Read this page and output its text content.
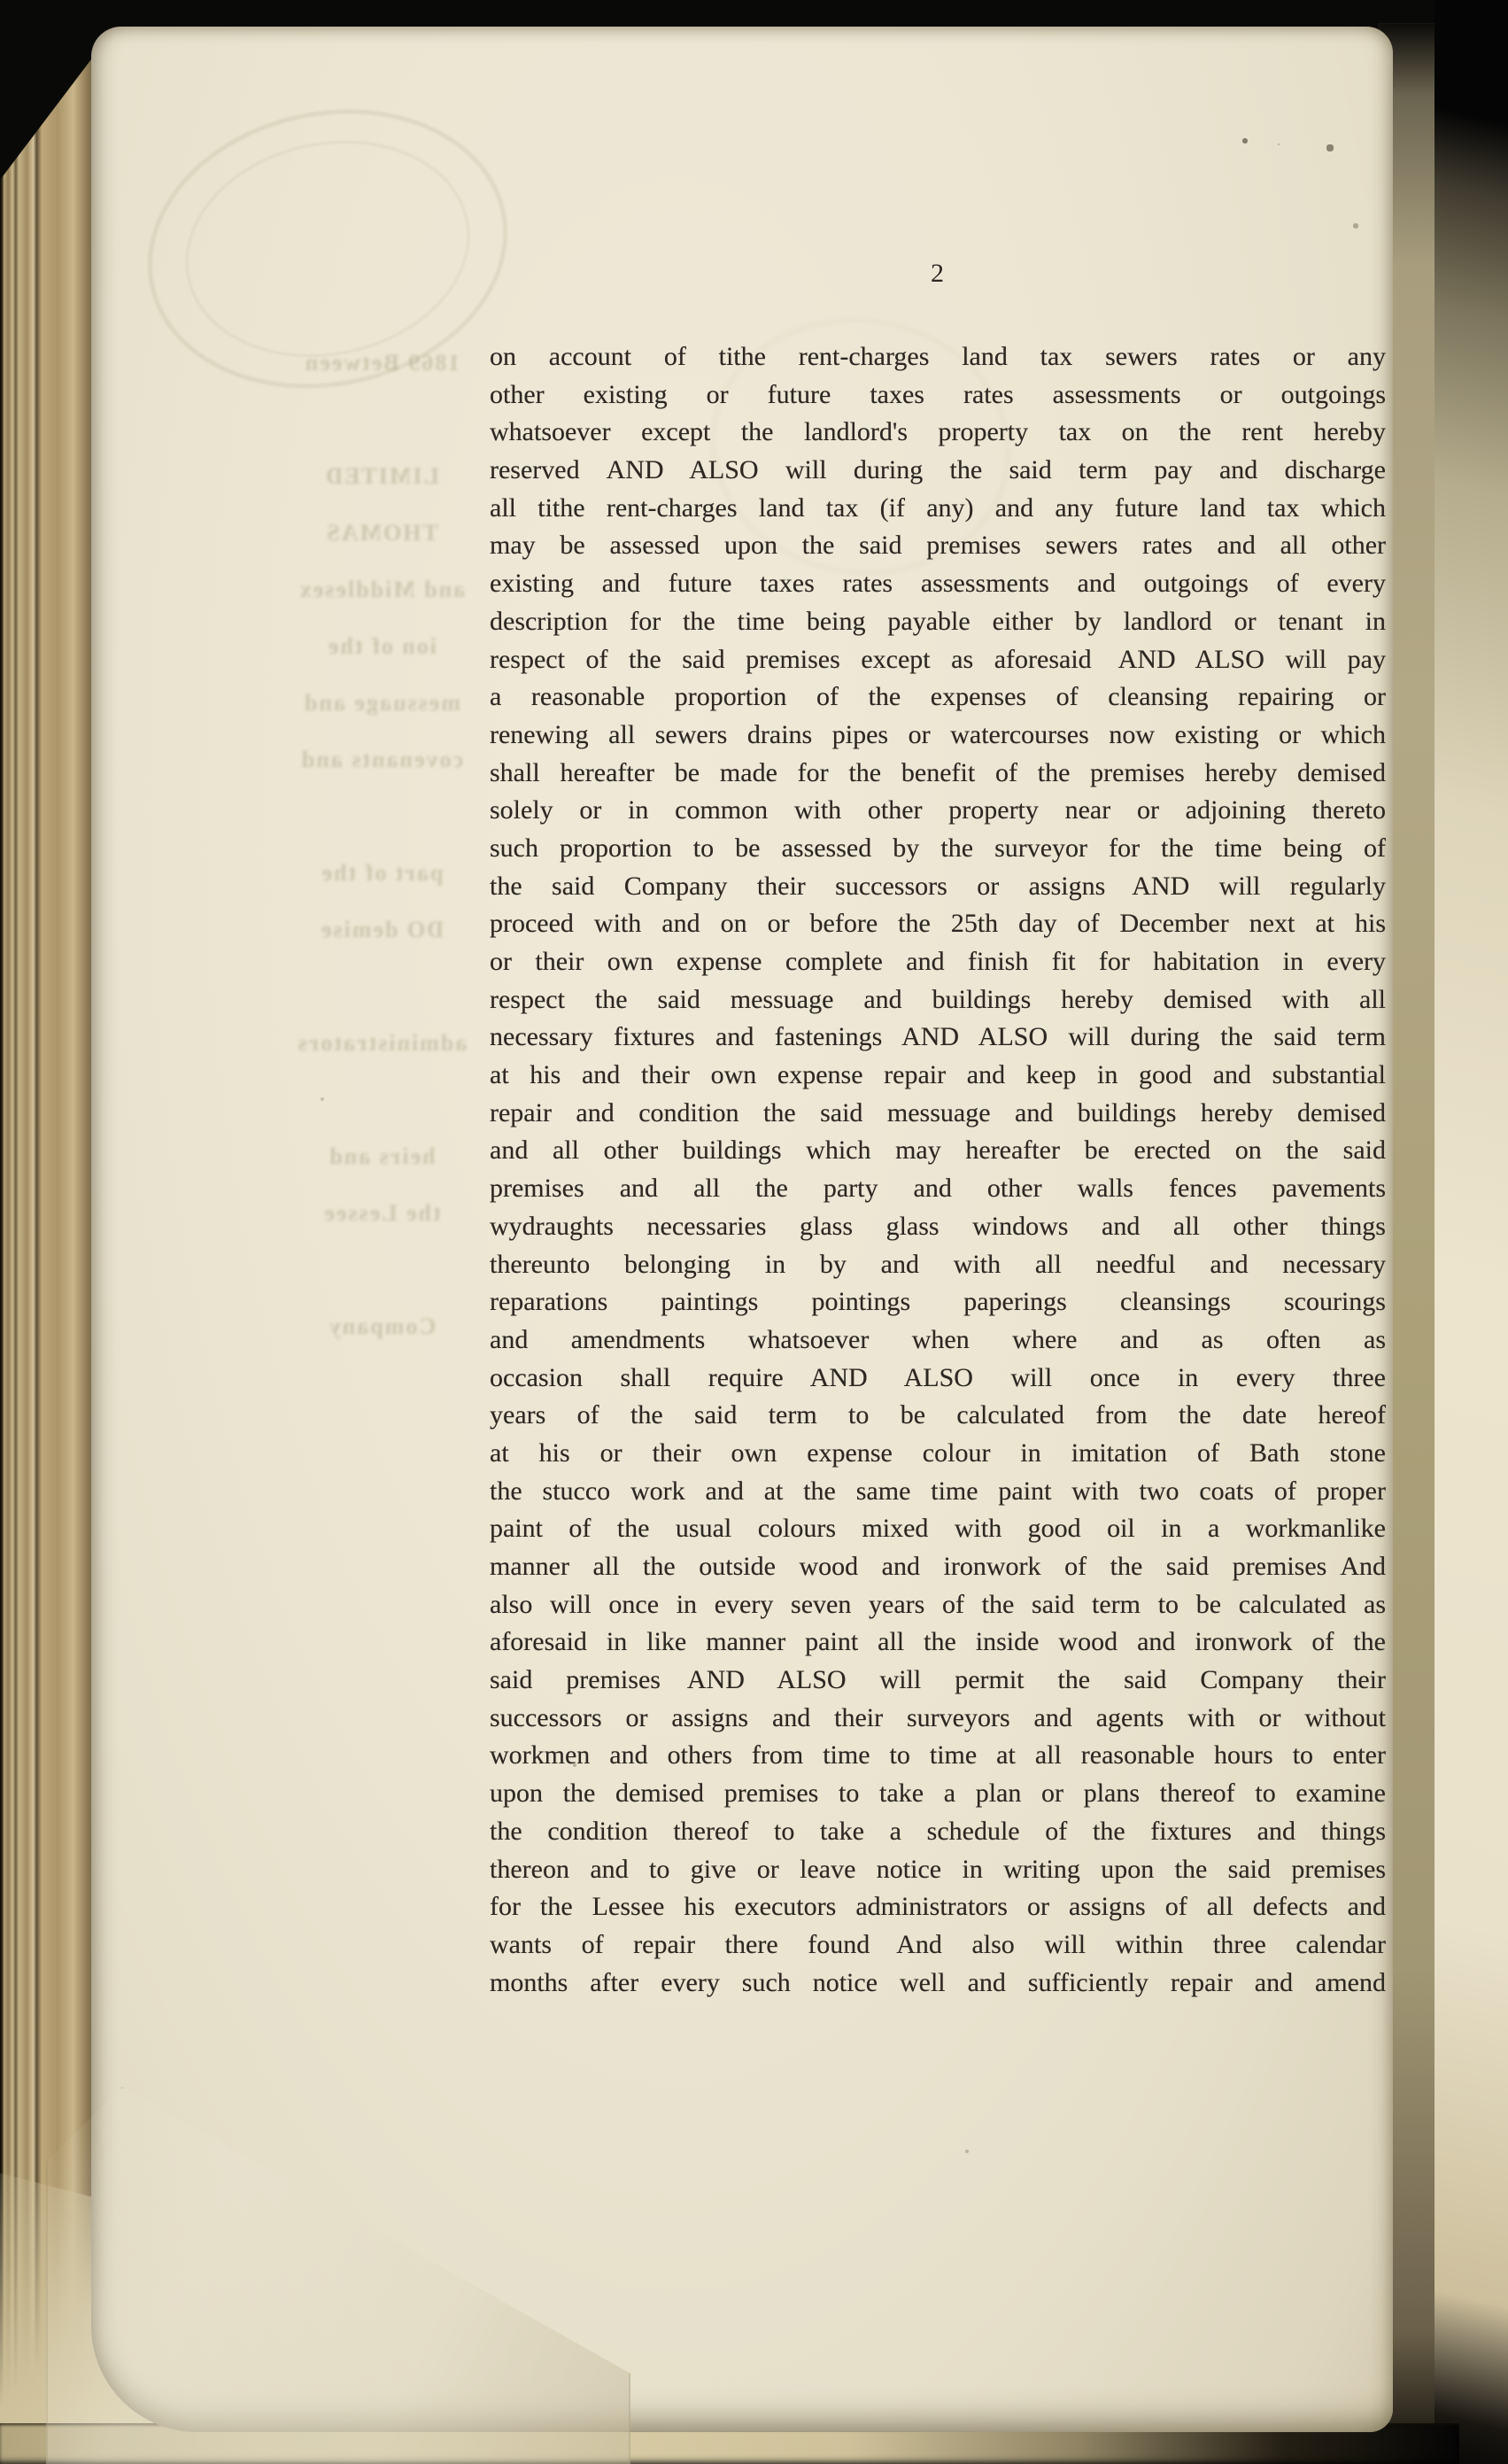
1869 Between
LIMITED
THOMAS
and Middlesex
ion of the
messuage and
covenants and
part of the
DO demise
administrators
heirs and
the Lessee
Company
2
on account of tithe rent-charges land tax sewers rates or any
other existing or future taxes rates assessments or outgoings
whatsoever except the landlord's property tax on the rent hereby
reserved AND ALSO will during the said term pay and discharge
all tithe rent-charges land tax (if any) and any future land tax which
may be assessed upon the said premises sewers rates and all other
existing and future taxes rates assessments and outgoings of every
description for the time being payable either by landlord or tenant in
respect of the said premises except as aforesaid AND ALSO will pay
a reasonable proportion of the expenses of cleansing repairing or
renewing all sewers drains pipes or watercourses now existing or which
shall hereafter be made for the benefit of the premises hereby demised
solely or in common with other property near or adjoining thereto
such proportion to be assessed by the surveyor for the time being of
the said Company their successors or assigns AND will regularly
proceed with and on or before the 25th day of December next at his
or their own expense complete and finish fit for habitation in every
respect the said messuage and buildings hereby demised with all
necessary fixtures and fastenings AND ALSO will during the said term
at his and their own expense repair and keep in good and substantial
repair and condition the said messuage and buildings hereby demised
and all other buildings which may hereafter be erected on the said
premises and all the party and other walls fences pavements
wydraughts necessaries glass glass windows and all other things
thereunto belonging in by and with all needful and necessary
reparations paintings pointings paperings cleansings scourings
and amendments whatsoever when where and as often as
occasion shall require AND ALSO will once in every three
years of the said term to be calculated from the date hereof
at his or their own expense colour in imitation of Bath stone
the stucco work and at the same time paint with two coats of proper
paint of the usual colours mixed with good oil in a workmanlike
manner all the outside wood and ironwork of the said premises And
also will once in every seven years of the said term to be calculated as
aforesaid in like manner paint all the inside wood and ironwork of the
said premises AND ALSO will permit the said Company their
successors or assigns and their surveyors and agents with or without
workmen and others from time to time at all reasonable hours to enter
upon the demised premises to take a plan or plans thereof to examine
the condition thereof to take a schedule of the fixtures and things
thereon and to give or leave notice in writing upon the said premises
for the Lessee his executors administrators or assigns of all defects and
wants of repair there found And also will within three calendar
months after every such notice well and sufficiently repair and amend
